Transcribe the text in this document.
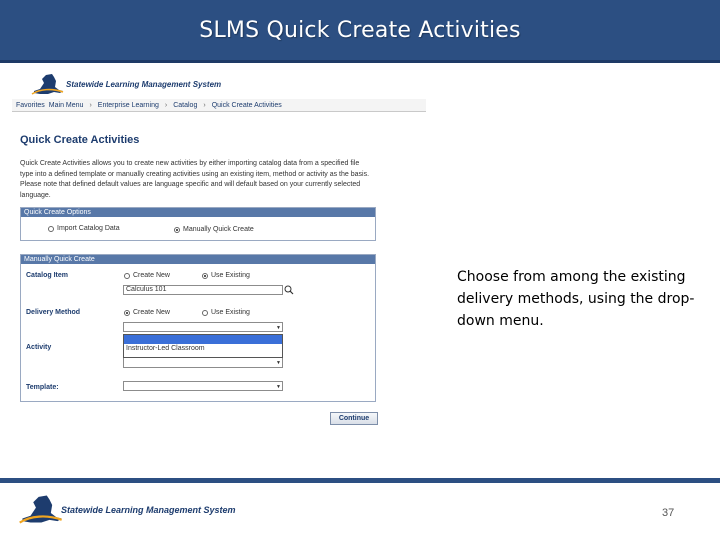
SLMS Quick Create Activities
Statewide Learning Management System
Favorites Main Menu › Enterprise Learning › Catalog › Quick Create Activities
Quick Create Activities
Quick Create Activities allows you to create new activities by either importing catalog data from a specified file type into a defined template or manually creating activities using an existing item, method or activity as the basis. Please note that defined default values are language specific and will default based on your currently selected language.
Quick Create Options
Import Catalog Data	Manually Quick Create
Manually Quick Create
Catalog Item	Create New	Use Existing
Calculus 101
Delivery Method	Create New	Use Existing
▼
Instructor-Led Classroom
Activity
▼
Template:	▼
Continue
Choose from among the existing delivery methods, using the drop-down menu.
Statewide Learning Management System	37
